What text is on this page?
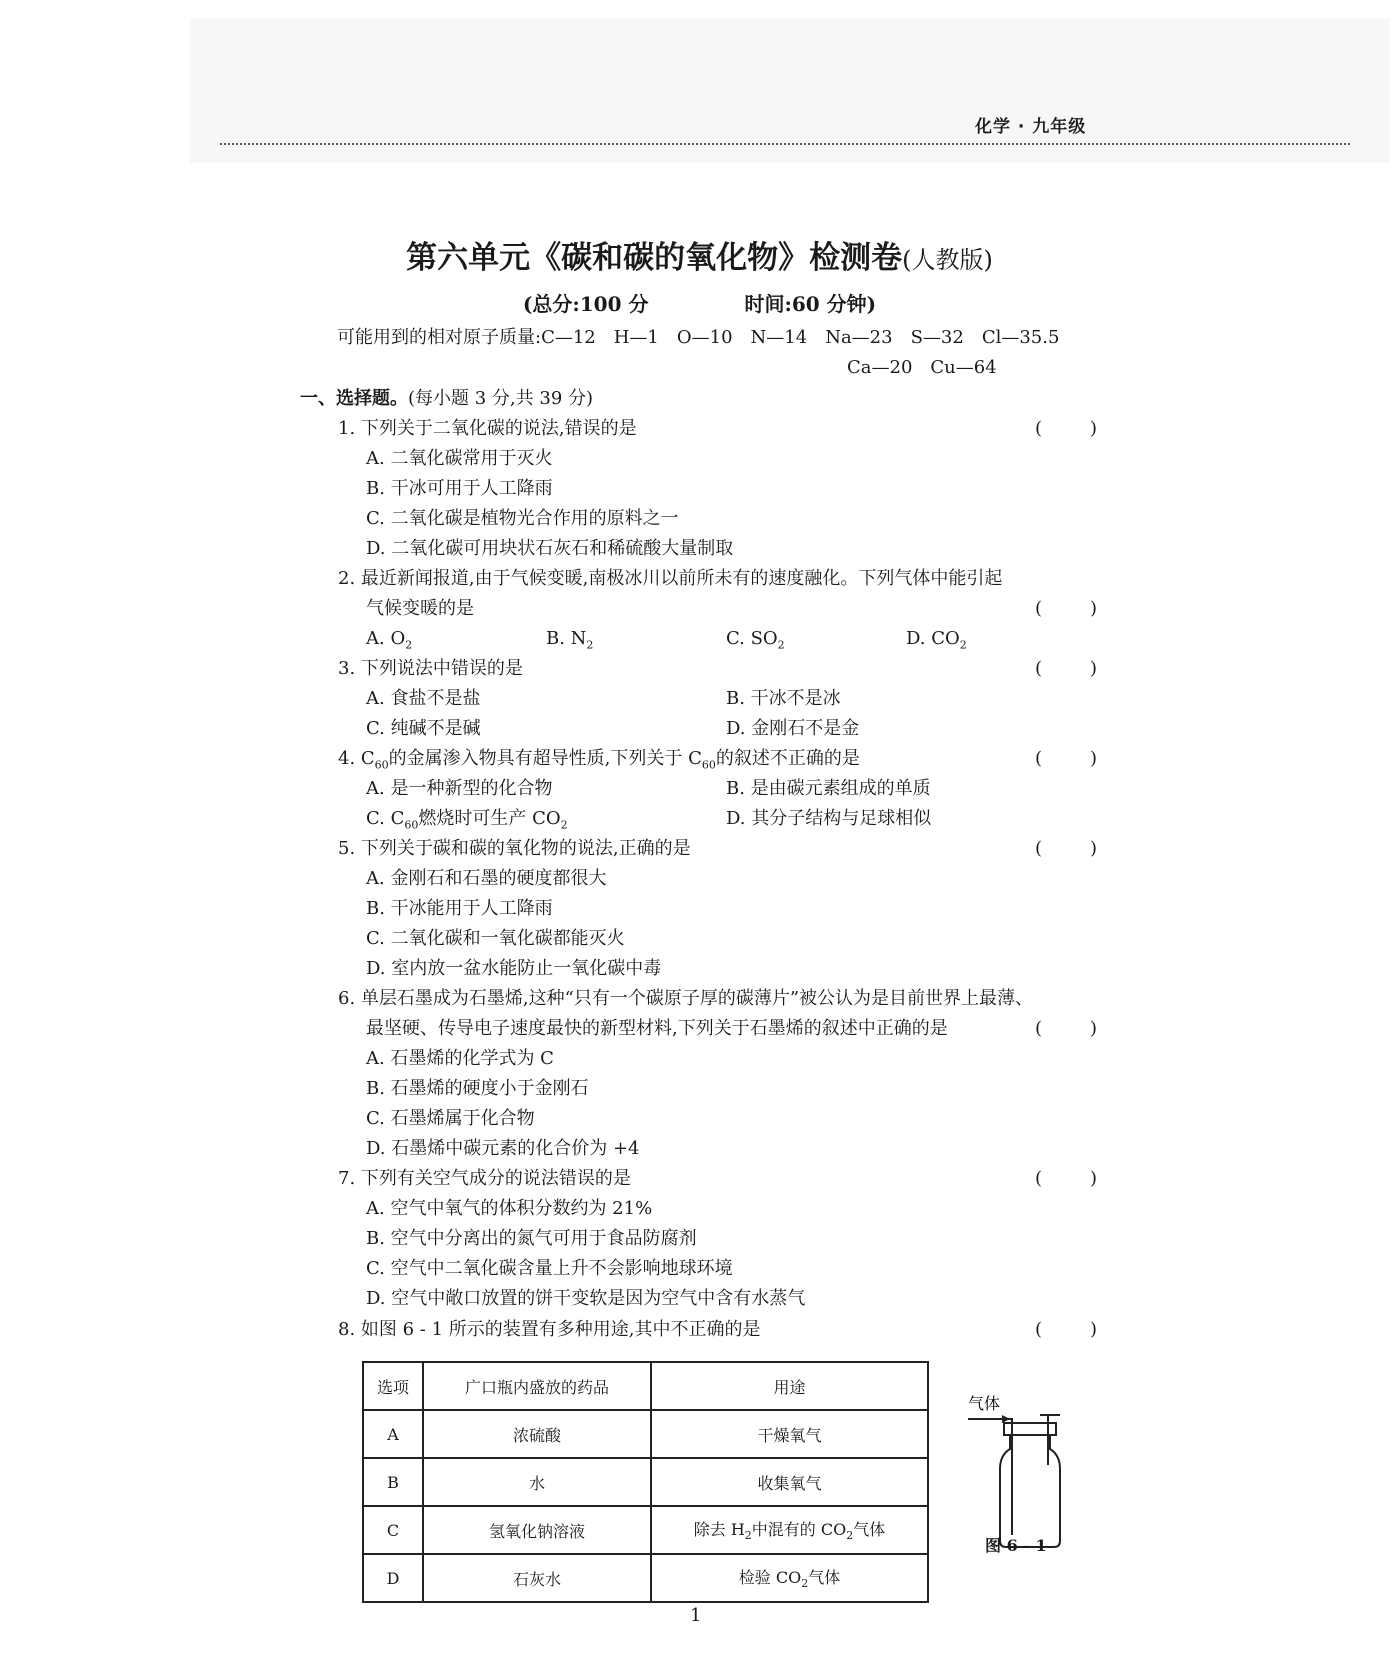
化学 · 九年级
第六单元《碳和碳的氧化物》检测卷(人教版)
(总分:100 分	时间:60 分钟)
可能用到的相对原子质量:C—12　H—1　O—10　N—14　Na—23　S—32　Cl—35.5
Ca—20　Cu—64
一、选择题。(每小题 3 分,共 39 分)
1. 下列关于二氧化碳的说法,错误的是	(	)
A. 二氧化碳常用于灭火
B. 干冰可用于人工降雨
C. 二氧化碳是植物光合作用的原料之一
D. 二氧化碳可用块状石灰石和稀硫酸大量制取
2. 最近新闻报道,由于气候变暖,南极冰川以前所未有的速度融化。下列气体中能引起
气候变暖的是	(	)
A. $O_2$	B. $N_2$	C. $SO_2$	D. $CO_2$
3. 下列说法中错误的是	(	)
A. 食盐不是盐	B. 干冰不是冰
C. 纯碱不是碱	D. 金刚石不是金
4. $C_{60}$的金属渗入物具有超导性质,下列关于 $C_{60}$的叙述不正确的是	(	)
A. 是一种新型的化合物	B. 是由碳元素组成的单质
C. $C_{60}$燃烧时可生产 $CO_2$	D. 其分子结构与足球相似
5. 下列关于碳和碳的氧化物的说法,正确的是	(	)
A. 金刚石和石墨的硬度都很大
B. 干冰能用于人工降雨
C. 二氧化碳和一氧化碳都能灭火
D. 室内放一盆水能防止一氧化碳中毒
6. 单层石墨成为石墨烯,这种“只有一个碳原子厚的碳薄片”被公认为是目前世界上最薄、
最坚硬、传导电子速度最快的新型材料,下列关于石墨烯的叙述中正确的是	(	)
A. 石墨烯的化学式为 C
B. 石墨烯的硬度小于金刚石
C. 石墨烯属于化合物
D. 石墨烯中碳元素的化合价为 +4
7. 下列有关空气成分的说法错误的是	(	)
A. 空气中氧气的体积分数约为 21%
B. 空气中分离出的氮气可用于食品防腐剂
C. 空气中二氧化碳含量上升不会影响地球环境
D. 空气中敞口放置的饼干变软是因为空气中含有水蒸气
8. 如图 6 - 1 所示的装置有多种用途,其中不正确的是	(	)
选项	广口瓶内盛放的药品	用途
A	浓硫酸	干燥氧气
B	水	收集氧气
C	氢氧化钠溶液	除去 $H_2$中混有的 $CO_2$气体
D	石灰水	检验 $CO_2$气体
气体
图 6 - 1
1
